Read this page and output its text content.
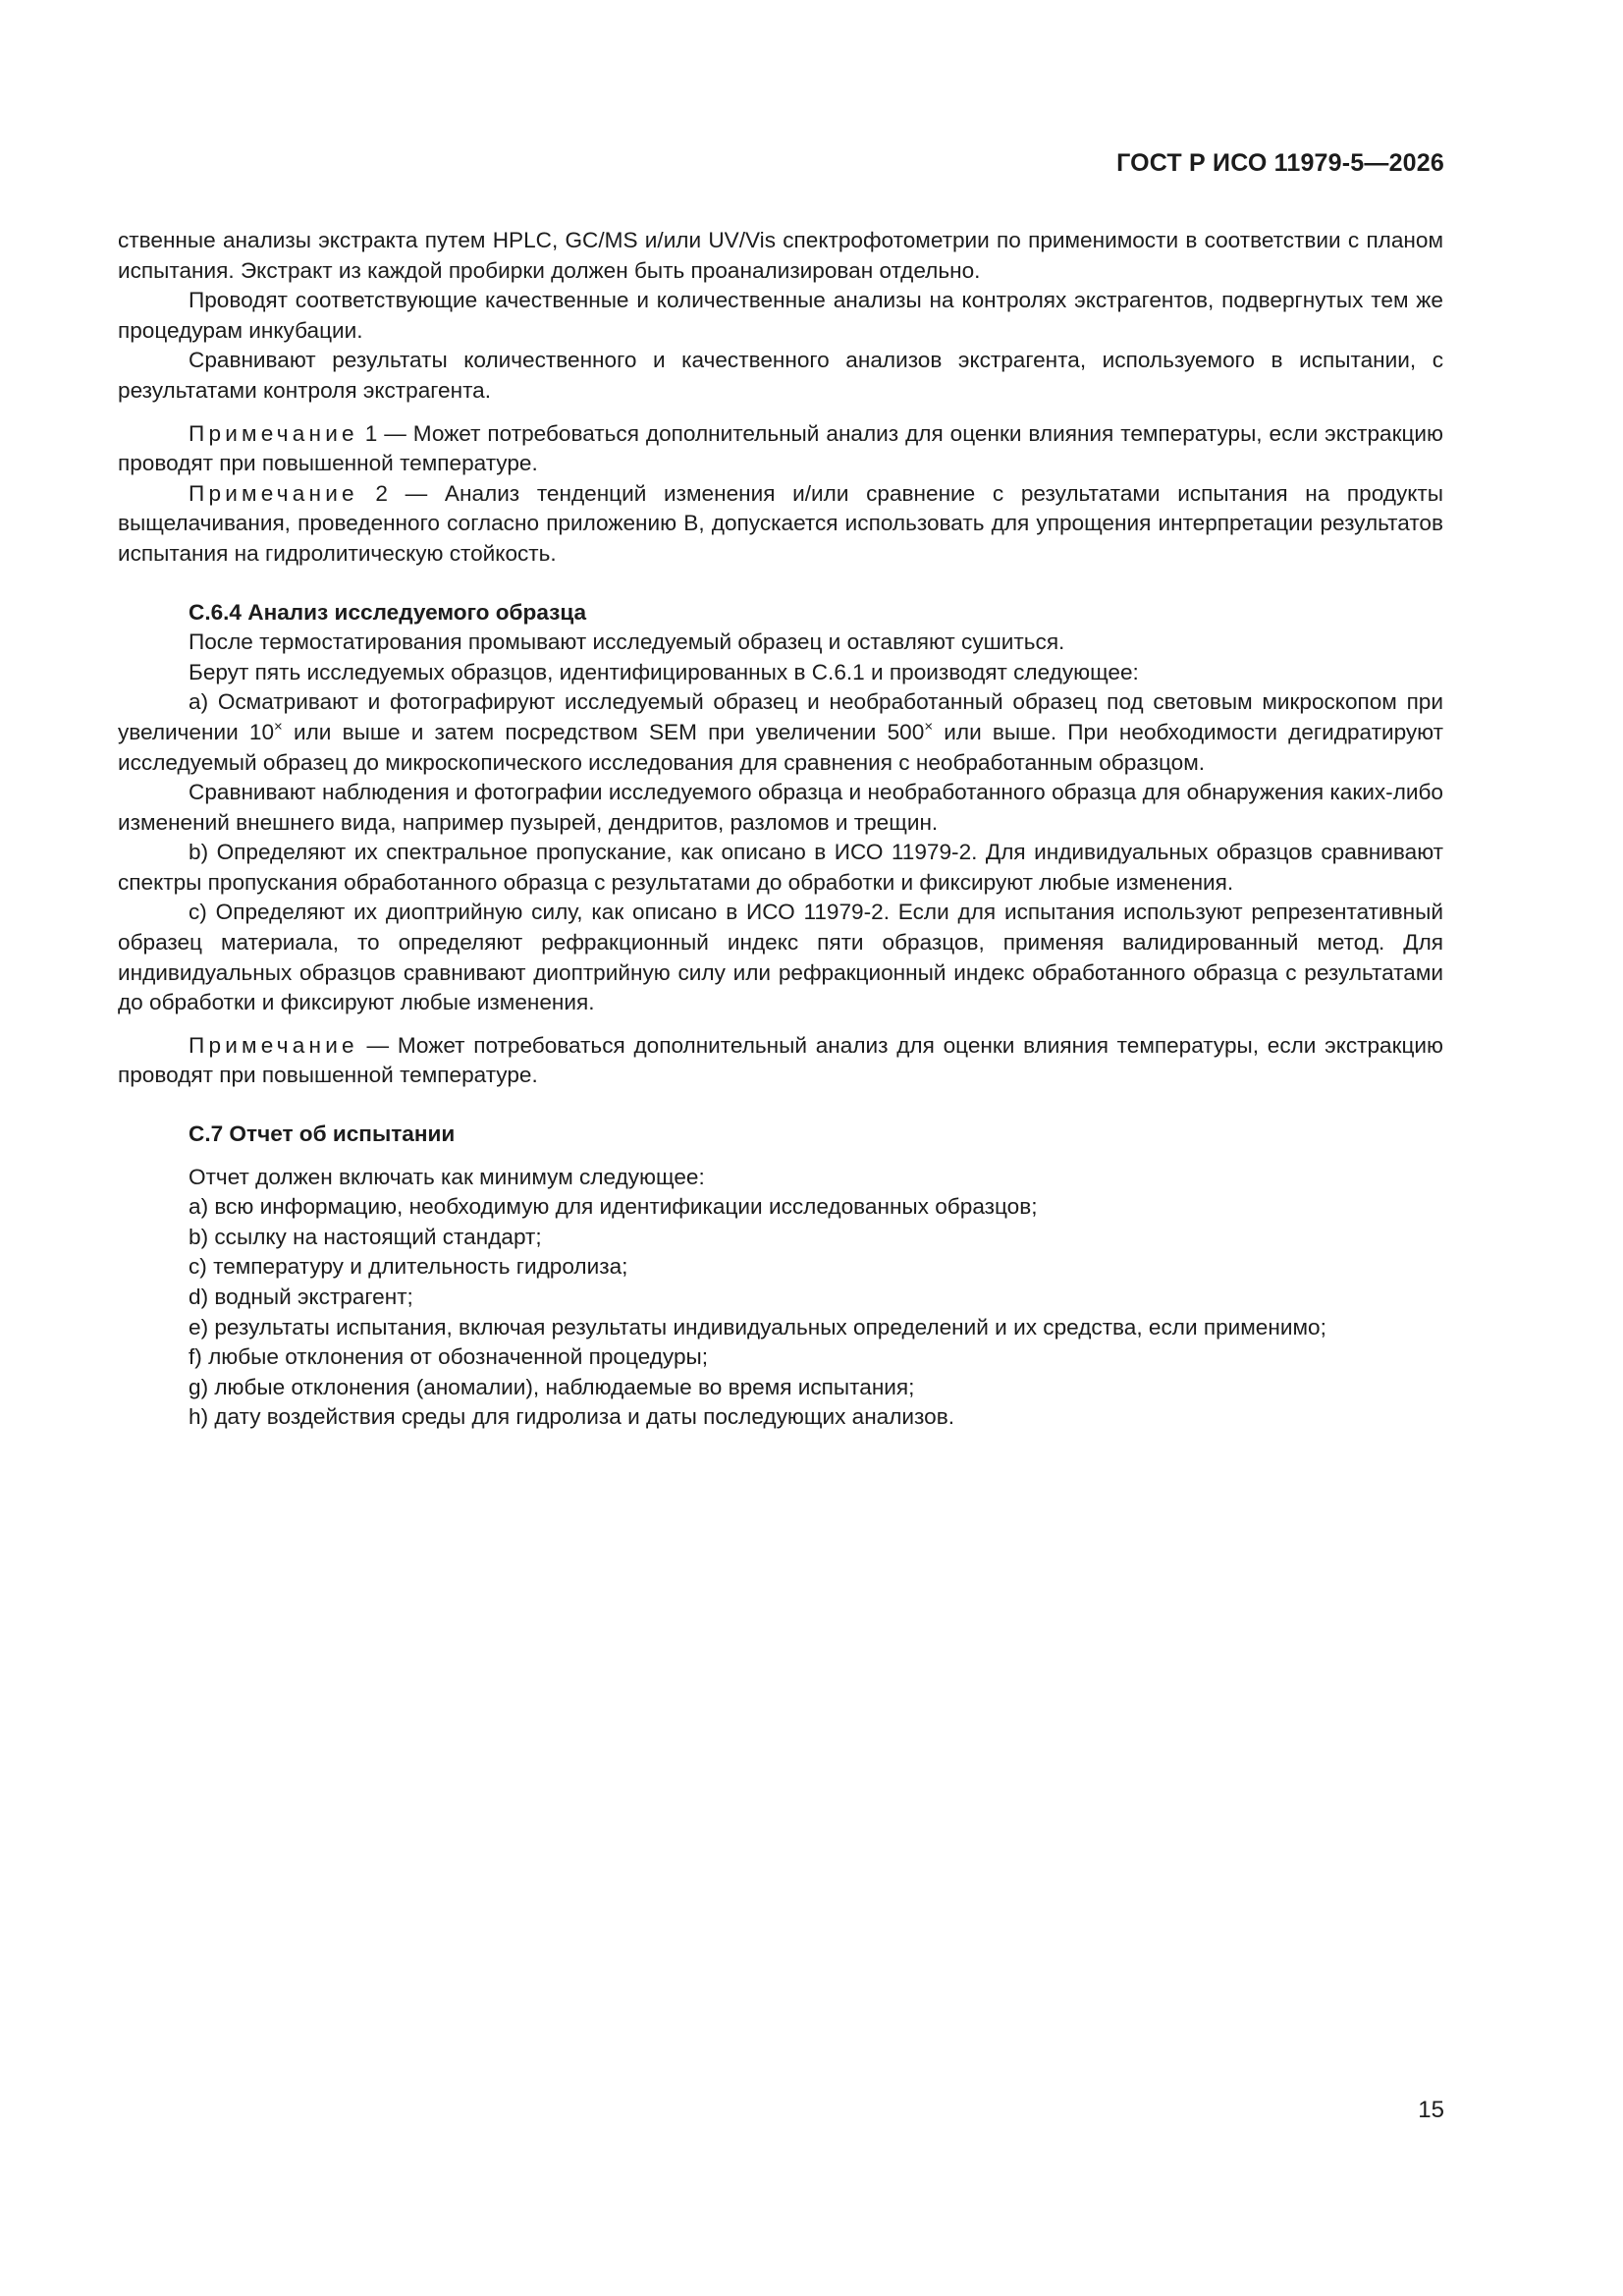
ГОСТ Р ИСО 11979-5—2026

ственные анализы экстракта путем HPLC, GC/MS и/или UV/Vis спектрофотометрии по применимости в соответствии с планом испытания. Экстракт из каждой пробирки должен быть проанализирован отдельно.

Проводят соответствующие качественные и количественные анализы на контролях экстрагентов, подвергнутых тем же процедурам инкубации.

Сравнивают результаты количественного и качественного анализов экстрагента, используемого в испытании, с результатами контроля экстрагента.

Примечание 1 — Может потребоваться дополнительный анализ для оценки влияния температуры, если экстракцию проводят при повышенной температуре.

Примечание 2 — Анализ тенденций изменения и/или сравнение с результатами испытания на продукты выщелачивания, проведенного согласно приложению В, допускается использовать для упрощения интерпретации результатов испытания на гидролитическую стойкость.

С.6.4 Анализ исследуемого образца

После термостатирования промывают исследуемый образец и оставляют сушиться.

Берут пять исследуемых образцов, идентифицированных в С.6.1 и производят следующее:

a) Осматривают и фотографируют исследуемый образец и необработанный образец под световым микроскопом при увеличении 10× или выше и затем посредством SEM при увеличении 500× или выше. При необходимости дегидратируют исследуемый образец до микроскопического исследования для сравнения с необработанным образцом.

Сравнивают наблюдения и фотографии исследуемого образца и необработанного образца для обнаружения каких-либо изменений внешнего вида, например пузырей, дендритов, разломов и трещин.

b) Определяют их спектральное пропускание, как описано в ИСО 11979-2. Для индивидуальных образцов сравнивают спектры пропускания обработанного образца с результатами до обработки и фиксируют любые изменения.

c) Определяют их диоптрийную силу, как описано в ИСО 11979-2. Если для испытания используют репрезентативный образец материала, то определяют рефракционный индекс пяти образцов, применяя валидированный метод. Для индивидуальных образцов сравнивают диоптрийную силу или рефракционный индекс обработанного образца с результатами до обработки и фиксируют любые изменения.

Примечание — Может потребоваться дополнительный анализ для оценки влияния температуры, если экстракцию проводят при повышенной температуре.

С.7 Отчет об испытании

Отчет должен включать как минимум следующее:

a) всю информацию, необходимую для идентификации исследованных образцов;

b) ссылку на настоящий стандарт;

c) температуру и длительность гидролиза;

d) водный экстрагент;

e) результаты испытания, включая результаты индивидуальных определений и их средства, если применимо;

f) любые отклонения от обозначенной процедуры;

g) любые отклонения (аномалии), наблюдаемые во время испытания;

h) дату воздействия среды для гидролиза и даты последующих анализов.

15
